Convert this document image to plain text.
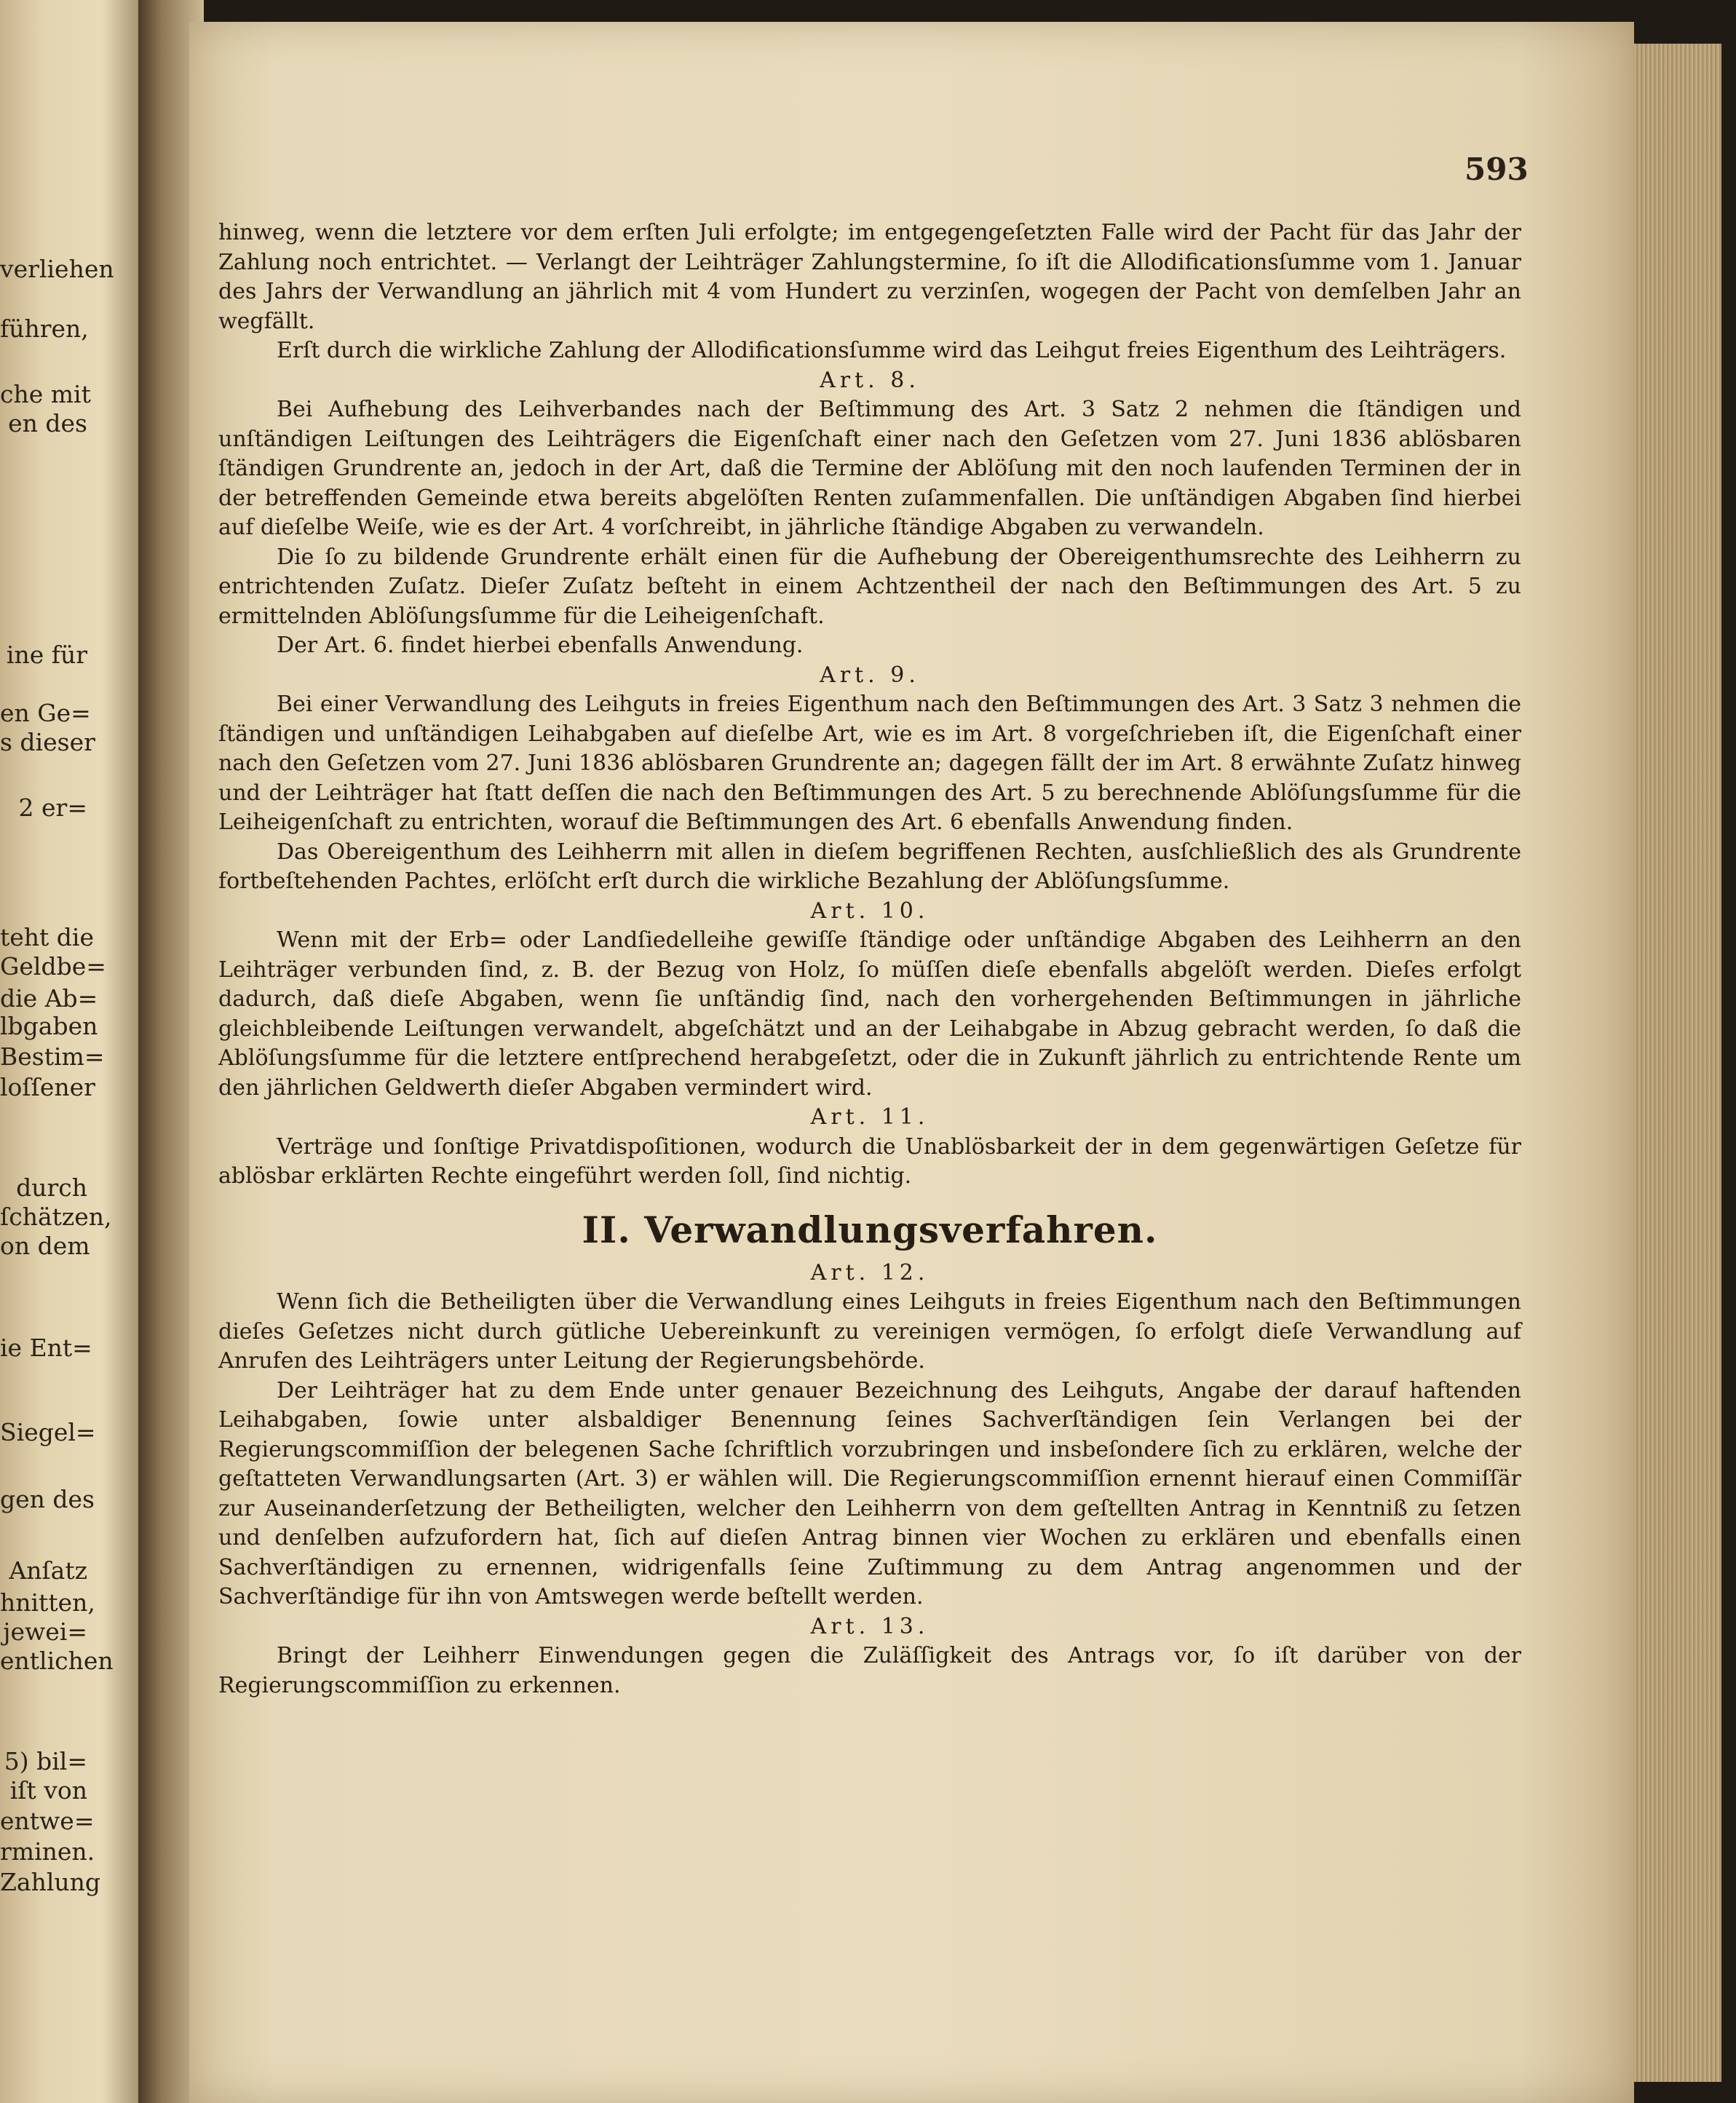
verliehen
führen,
che mit
en des
ine für
en Ge=
s dieser
2 er=
teht die
Geldbe=
die Ab=
lbgaben
Bestim=
loſſener
durch
ſchätzen,
on dem
ie Ent=
Siegel=
gen des
Anſatz
hnitten,
jewei=
entlichen
5) bil=
iſt von
entwe=
rminen.
Zahlung
593

hinweg, wenn die letztere vor dem erſten Juli erfolgte; im entgegengeſetzten Falle wird der Pacht für das Jahr der Zahlung noch entrichtet. — Verlangt der Leihträger Zahlungstermine, ſo iſt die Allodificationsſumme vom 1. Januar des Jahrs der Verwandlung an jährlich mit 4 vom Hundert zu verzinſen, wogegen der Pacht von demſelben Jahr an wegfällt.

Erſt durch die wirkliche Zahlung der Allodificationsſumme wird das Leihgut freies Eigenthum des Leihträgers.

Art. 8.

Bei Aufhebung des Leihverbandes nach der Beſtimmung des Art. 3 Satz 2 nehmen die ſtändigen und unſtändigen Leiſtungen des Leihträgers die Eigenſchaft einer nach den Geſetzen vom 27. Juni 1836 ablösbaren ſtändigen Grundrente an, jedoch in der Art, daß die Termine der Ablöſung mit den noch laufenden Terminen der in der betreffenden Gemeinde etwa bereits abgelöſten Renten zuſammenfallen. Die unſtändigen Abgaben ſind hierbei auf dieſelbe Weiſe, wie es der Art. 4 vorſchreibt, in jährliche ſtändige Abgaben zu verwandeln.

Die ſo zu bildende Grundrente erhält einen für die Aufhebung der Obereigenthumsrechte des Leihherrn zu entrichtenden Zuſatz. Dieſer Zuſatz beſteht in einem Achtzentheil der nach den Beſtimmungen des Art. 5 zu ermittelnden Ablöſungsſumme für die Leiheigenſchaft.

Der Art. 6. findet hierbei ebenfalls Anwendung.

Art. 9.

Bei einer Verwandlung des Leihguts in freies Eigenthum nach den Beſtimmungen des Art. 3 Satz 3 nehmen die ſtändigen und unſtändigen Leihabgaben auf dieſelbe Art, wie es im Art. 8 vorgeſchrieben iſt, die Eigenſchaft einer nach den Geſetzen vom 27. Juni 1836 ablösbaren Grundrente an; dagegen fällt der im Art. 8 erwähnte Zuſatz hinweg und der Leihträger hat ſtatt deſſen die nach den Beſtimmungen des Art. 5 zu berechnende Ablöſungsſumme für die Leiheigenſchaft zu entrichten, worauf die Beſtimmungen des Art. 6 ebenfalls Anwendung finden.

Das Obereigenthum des Leihherrn mit allen in dieſem begriffenen Rechten, ausſchließlich des als Grundrente fortbeſtehenden Pachtes, erlöſcht erſt durch die wirkliche Bezahlung der Ablöſungsſumme.

Art. 10.

Wenn mit der Erb= oder Landſiedelleihe gewiſſe ſtändige oder unſtändige Abgaben des Leihherrn an den Leihträger verbunden ſind, z. B. der Bezug von Holz, ſo müſſen dieſe ebenfalls abgelöſt werden. Dieſes erfolgt dadurch, daß dieſe Abgaben, wenn ſie unſtändig ſind, nach den vorhergehenden Beſtimmungen in jährliche gleichbleibende Leiſtungen verwandelt, abgeſchätzt und an der Leihabgabe in Abzug gebracht werden, ſo daß die Ablöſungsſumme für die letztere entſprechend herabgeſetzt, oder die in Zukunft jährlich zu entrichtende Rente um den jährlichen Geldwerth dieſer Abgaben vermindert wird.

Art. 11.

Verträge und ſonſtige Privatdispoſitionen, wodurch die Unablösbarkeit der in dem gegenwärtigen Geſetze für ablösbar erklärten Rechte eingeführt werden ſoll, ſind nichtig.

II. Verwandlungsverfahren.
Art. 12.

Wenn ſich die Betheiligten über die Verwandlung eines Leihguts in freies Eigenthum nach den Beſtimmungen dieſes Geſetzes nicht durch gütliche Uebereinkunft zu vereinigen vermögen, ſo erfolgt dieſe Verwandlung auf Anrufen des Leihträgers unter Leitung der Regierungsbehörde.

Der Leihträger hat zu dem Ende unter genauer Bezeichnung des Leihguts, Angabe der darauf haftenden Leihabgaben, ſowie unter alsbaldiger Benennung ſeines Sachverſtändigen ſein Verlangen bei der Regierungscommiſſion der belegenen Sache ſchriftlich vorzubringen und insbeſondere ſich zu erklären, welche der geſtatteten Verwandlungsarten (Art. 3) er wählen will. Die Regierungscommiſſion ernennt hierauf einen Commiſſär zur Auseinanderſetzung der Betheiligten, welcher den Leihherrn von dem geſtellten Antrag in Kenntniß zu ſetzen und denſelben aufzufordern hat, ſich auf dieſen Antrag binnen vier Wochen zu erklären und ebenfalls einen Sachverſtändigen zu ernennen, widrigenfalls ſeine Zuſtimmung zu dem Antrag angenommen und der Sachverſtändige für ihn von Amtswegen werde beſtellt werden.

Art. 13.

Bringt der Leihherr Einwendungen gegen die Zuläſſigkeit des Antrags vor, ſo iſt darüber von der Regierungscommiſſion zu erkennen.
